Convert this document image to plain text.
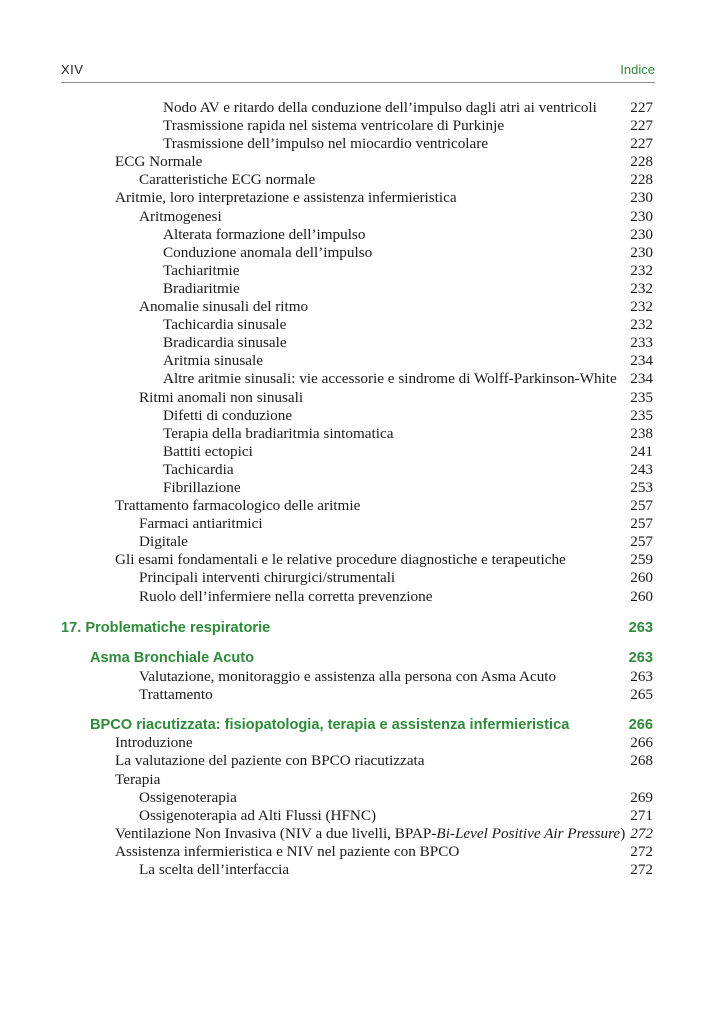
XIV	Indice
Nodo AV e ritardo della conduzione dell’impulso dagli atri ai ventricoli	227
Trasmissione rapida nel sistema ventricolare di Purkinje	227
Trasmissione dell’impulso nel miocardio ventricolare	227
ECG Normale	228
Caratteristiche ECG normale	228
Aritmie, loro interpretazione e assistenza infermieristica	230
Aritmogenesi	230
Alterata formazione dell’impulso	230
Conduzione anomala dell’impulso	230
Tachiaritmie	232
Bradiaritmie	232
Anomalie sinusali del ritmo	232
Tachicardia sinusale	232
Bradicardia sinusale	233
Aritmia sinusale	234
Altre aritmie sinusali: vie accessorie e sindrome di Wolff-Parkinson-White 234
Ritmi anomali non sinusali	235
Difetti di conduzione	235
Terapia della bradiaritmia sintomatica	238
Battiti ectopici	241
Tachicardia	243
Fibrillazione	253
Trattamento farmacologico delle aritmie	257
Farmaci antiaritmici	257
Digitale	257
Gli esami fondamentali e le relative procedure diagnostiche e terapeutiche	259
Principali interventi chirurgici/strumentali	260
Ruolo dell’infermiere nella corretta prevenzione	260
17. Problematiche respiratorie	263
Asma Bronchiale Acuto	263
Valutazione, monitoraggio e assistenza alla persona con Asma Acuto	263
Trattamento	265
BPCO riacutizzata: fisiopatologia, terapia e assistenza infermieristica	266
Introduzione	266
La valutazione del paziente con BPCO riacutizzata	268
Terapia
Ossigenoterapia	269
Ossigenoterapia ad Alti Flussi (HFNC)	271
Ventilazione Non Invasiva (NIV a due livelli, BPAP-Bi-Level Positive Air Pressure) 272
Assistenza infermieristica e NIV nel paziente con BPCO	272
La scelta dell’interfaccia	272
